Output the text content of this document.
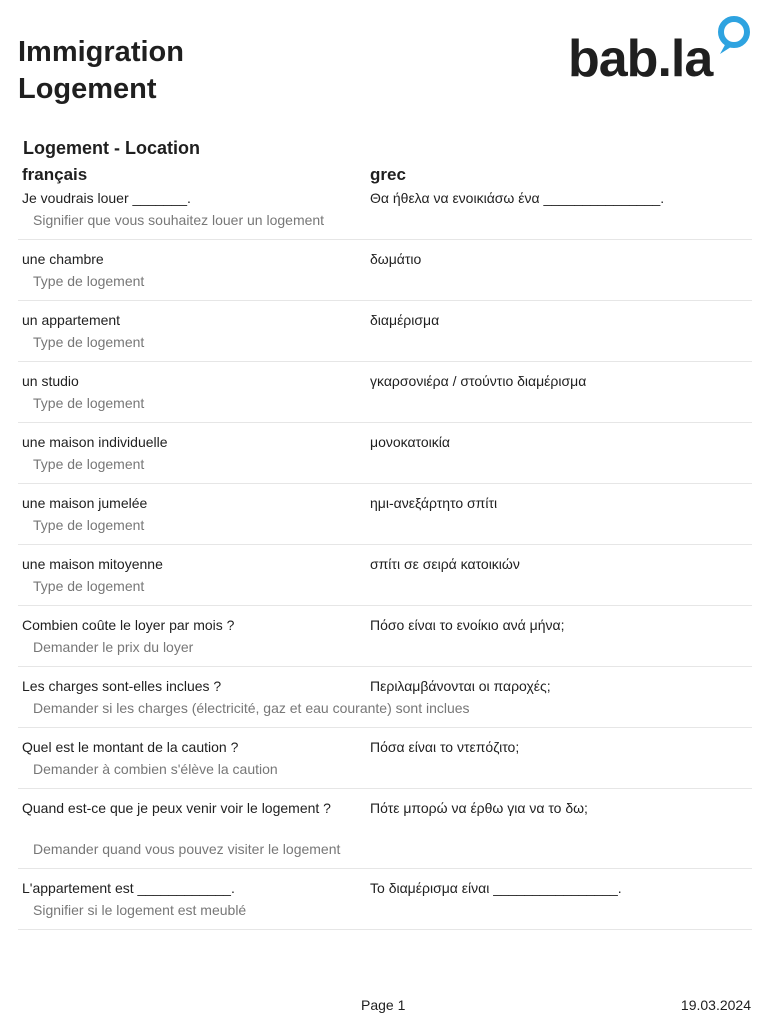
Immigration
Logement
bab.la
Logement - Location
français	grec
Je voudrais louer _______.	Θα ήθελα να ενοικιάσω ένα _______________.
Signifier que vous souhaitez louer un logement
une chambre	δωμάτιο
Type de logement
un appartement	διαμέρισμα
Type de logement
un studio	γκαρσονιέρα / στούντιο διαμέρισμα
Type de logement
une maison individuelle	μονοκατοικία
Type de logement
une maison jumelée	ημι-ανεξάρτητο σπίτι
Type de logement
une maison mitoyenne	σπίτι σε σειρά κατοικιών
Type de logement
Combien coûte le loyer par mois ?	Πόσο είναι το ενοίκιο ανά μήνα;
Demander le prix du loyer
Les charges sont-elles inclues ?	Περιλαμβάνονται οι παροχές;
Demander si les charges (électricité, gaz et eau courante) sont inclues
Quel est le montant de la caution ?	Πόσα είναι το ντεπόζιτο;
Demander à combien s'élève la caution
Quand est-ce que je peux venir voir le logement ?	Πότε μπορώ να έρθω για να το δω;
Demander quand vous pouvez visiter le logement
L'appartement est ____________.	Το διαμέρισμα είναι ________________.
Signifier si le logement est meublé
Page 1	19.03.2024
